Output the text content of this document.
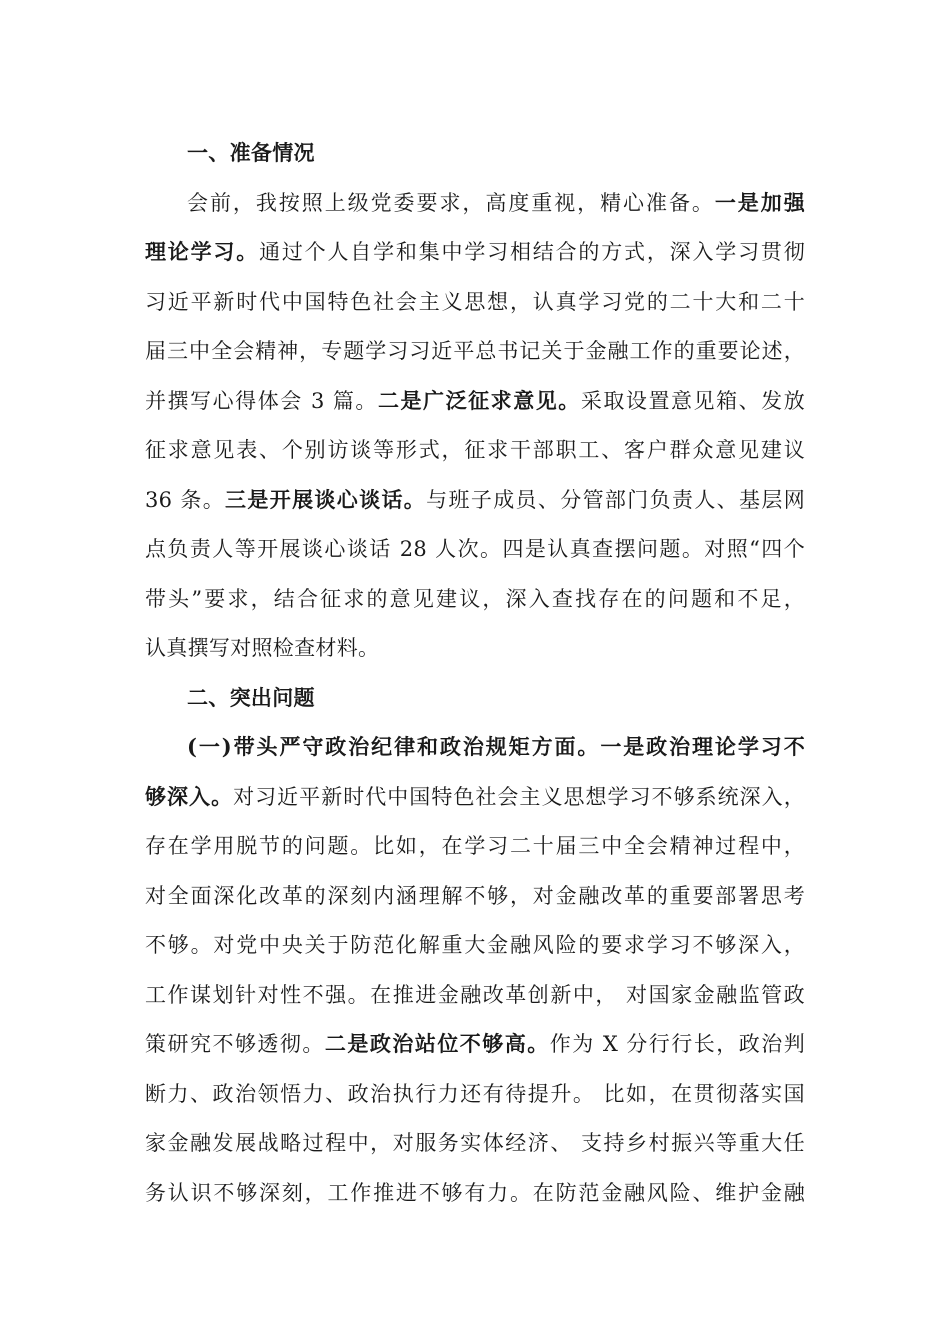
一、准备情况
会前，我按照上级党委要求，高度重视，精心准备。一是加强
理论学习。通过个人自学和集中学习相结合的方式，深入学习贯彻
习近平新时代中国特色社会主义思想，认真学习党的二十大和二十
届三中全会精神，专题学习习近平总书记关于金融工作的重要论述，
并撰写心得体会 3 篇。二是广泛征求意见。采取设置意见箱、发放
征求意见表、个别访谈等形式，征求干部职工、客户群众意见建议
36 条。三是开展谈心谈话。与班子成员、分管部门负责人、基层网
点负责人等开展谈心谈话 28 人次。四是认真查摆问题。对照“四个
带头”要求，结合征求的意见建议，深入查找存在的问题和不足，
认真撰写对照检查材料。
二、突出问题
(一)带头严守政治纪律和政治规矩方面。一是政治理论学习不
够深入。对习近平新时代中国特色社会主义思想学习不够系统深入，
存在学用脱节的问题。比如，在学习二十届三中全会精神过程中，
对全面深化改革的深刻内涵理解不够，对金融改革的重要部署思考
不够。对党中央关于防范化解重大金融风险的要求学习不够深入，
工作谋划针对性不强。在推进金融改革创新中， 对国家金融监管政
策研究不够透彻。二是政治站位不够高。作为 X 分行行长，政治判
断力、政治领悟力、政治执行力还有待提升。 比如，在贯彻落实国
家金融发展战略过程中，对服务实体经济、 支持乡村振兴等重大任
务认识不够深刻，工作推进不够有力。在防范金融风险、维护金融
